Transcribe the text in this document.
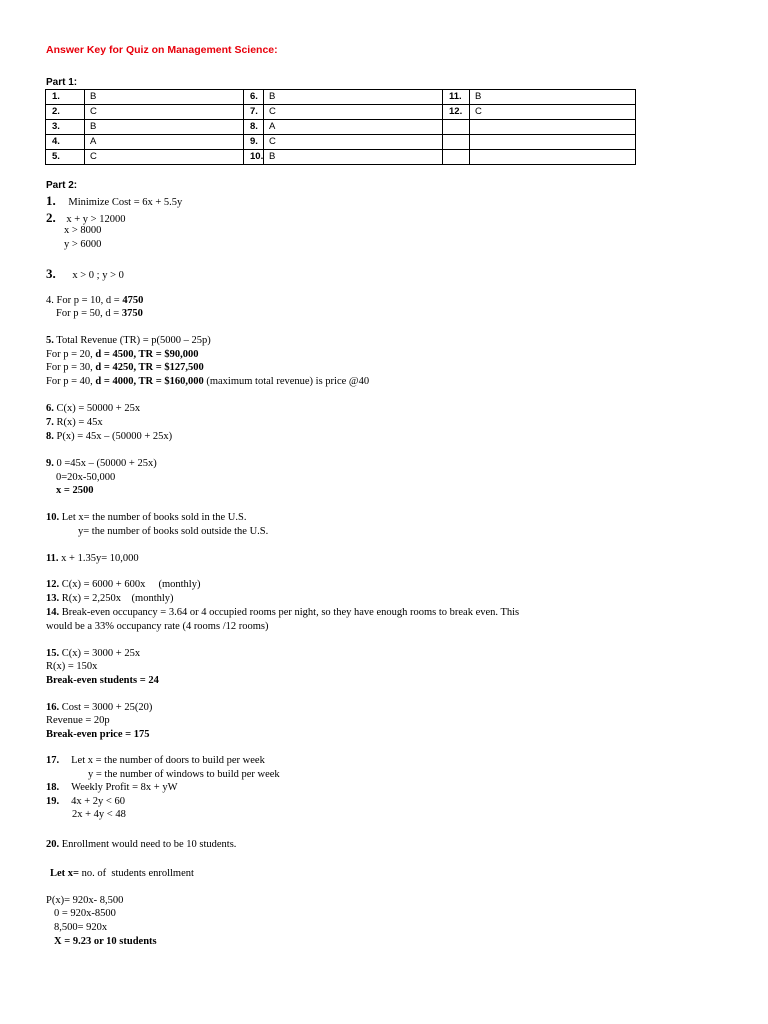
Answer Key for Quiz on Management Science:
Part 1:
1.	B	6.	B	11.	B
2.	C	7.	C	12.	C
3.	B	8.	A		
4.	A	9.	C		
5.	C	10.	B		
Part 2:
1. Minimize Cost = 6x + 5.5y
2. x + y > 12000
x > 8000
y > 6000
3. x > 0 ; y > 0
4. For p = 10, d = 4750
For p = 50, d = 3750
5. Total Revenue (TR) = p(5000 – 25p)
For p = 20, d = 4500, TR = $90,000
For p = 30, d = 4250, TR = $127,500
For p = 40, d = 4000, TR = $160,000 (maximum total revenue) is price @40
6. C(x) = 50000 + 25x
7. R(x) = 45x
8. P(x) = 45x – (50000 + 25x)
9. 0 =45x – (50000 + 25x)
0=20x-50,000
x = 2500
10. Let x= the number of books sold in the U.S.
y= the number of books sold outside the U.S.
11. x + 1.35y= 10,000
12. C(x) = 6000 + 600x     (monthly)
13. R(x) = 2,250x    (monthly)
14. Break-even occupancy = 3.64 or 4 occupied rooms per night, so they have enough rooms to break even. This
would be a 33% occupancy rate (4 rooms /12 rooms)
15. C(x) = 3000 + 25x
R(x) = 150x
Break-even students = 24
16. Cost = 3000 + 25(20)
Revenue = 20p
Break-even price = 175
17. Let x = the number of doors to build per week
y = the number of windows to build per week
18. Weekly Profit = 8x + yW
19. 4x + 2y < 60
2x + 4y < 48
20. Enrollment would need to be 10 students.
Let x= no. of  students enrollment
P(x)= 920x- 8,500
0 = 920x-8500
8,500= 920x
X = 9.23 or 10 students
